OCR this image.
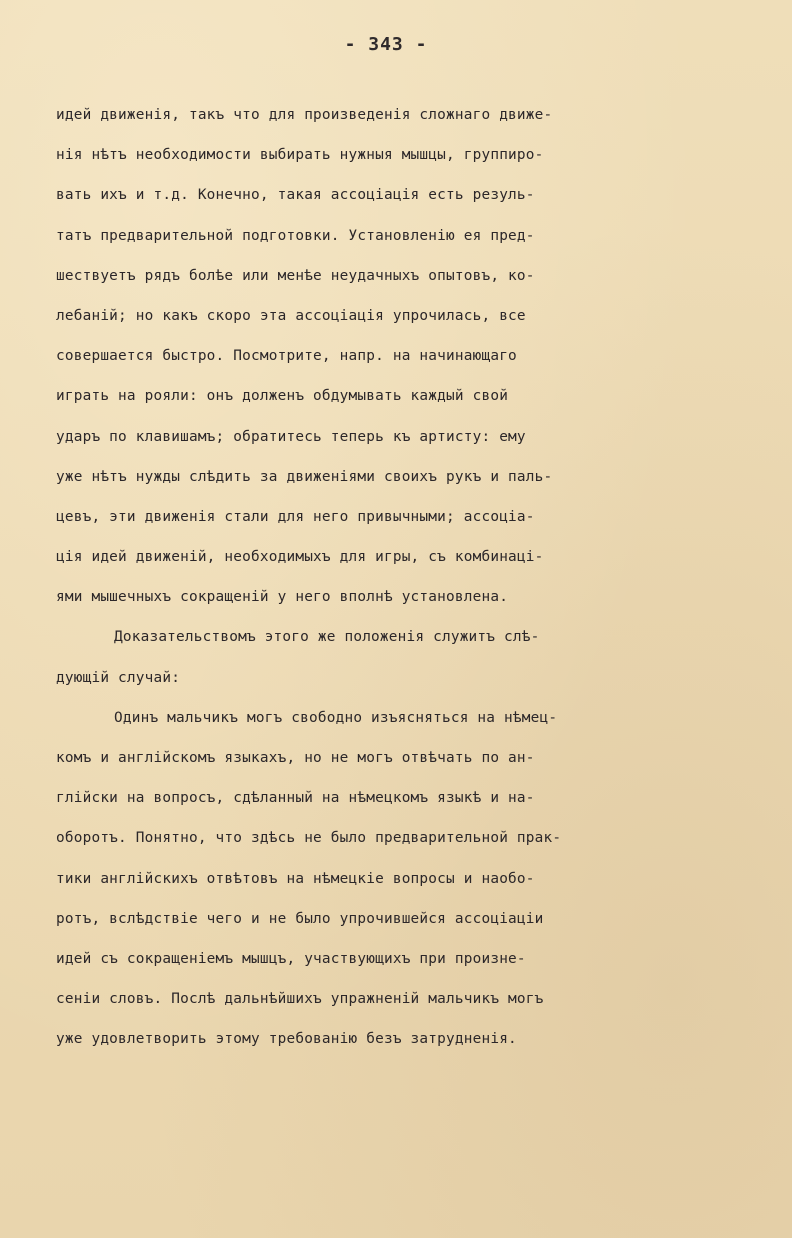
- 343 -
идей движенія, такъ что для произведенія сложнаго движе-
нія нѣтъ необходимости выбирать нужныя мышцы, группиро-
вать ихъ и т.д. Конечно, такая ассоціація есть резуль-
татъ предварительной подготовки. Установленію ея пред-
шествуетъ рядъ болѣе или менѣе неудачныхъ опытовъ, ко-
лебаній; но какъ скоро эта ассоціація упрочилась, все
совершается быстро. Посмотрите, напр. на начинающаго
играть на рояли: онъ долженъ обдумывать каждый свой
ударъ по клавишамъ; обратитесь теперь къ артисту: ему
уже нѣтъ нужды слѣдить за движеніями своихъ рукъ и паль-
цевъ, эти движенія стали для него привычными; ассоціа-
ція идей движеній, необходимыхъ для игры, съ комбинаці-
ями мышечныхъ сокращеній у него вполнѣ установлена.
Доказательствомъ этого же положенія служитъ слѣ-
дующій случай:
Одинъ мальчикъ могъ свободно изъясняться на нѣмец-
комъ и англійскомъ языкахъ, но не могъ отвѣчать по ан-
глійски на вопросъ, сдѣланный на нѣмецкомъ языкѣ и на-
оборотъ. Понятно, что здѣсь не было предварительной прак-
тики англійскихъ отвѣтовъ на нѣмецкіе вопросы и наобо-
ротъ, вслѣдствіе чего и не было упрочившейся ассоціаціи
идей съ сокращеніемъ мышцъ, участвующихъ при произне-
сеніи словъ. Послѣ дальнѣйшихъ упражненій мальчикъ могъ
уже удовлетворить этому требованію безъ затрудненія.
